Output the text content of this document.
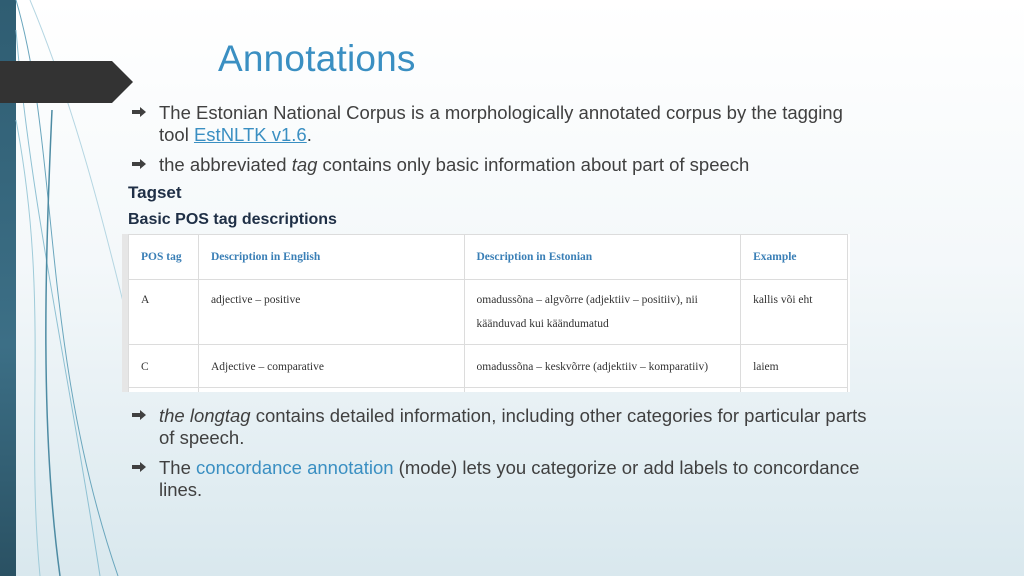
Annotations
The Estonian National Corpus is a morphologically annotated corpus by the tagging tool EstNLTK v1.6.
the abbreviated tag contains only basic information about part of speech
Tagset
Basic POS tag descriptions
POS tag	Description in English	Description in Estonian	Example
A	adjective – positive	omadussõna – algvõrre (adjektiiv – positiiv), nii käänduvad kui käändumatud	kallis või eht
C	Adjective – comparative	omadussõna – keskvõrre (adjektiiv – komparatiiv)	laiem

the longtag contains detailed information, including other categories for particular parts of speech.
The concordance annotation (mode) lets you categorize or add labels to concordance lines.
